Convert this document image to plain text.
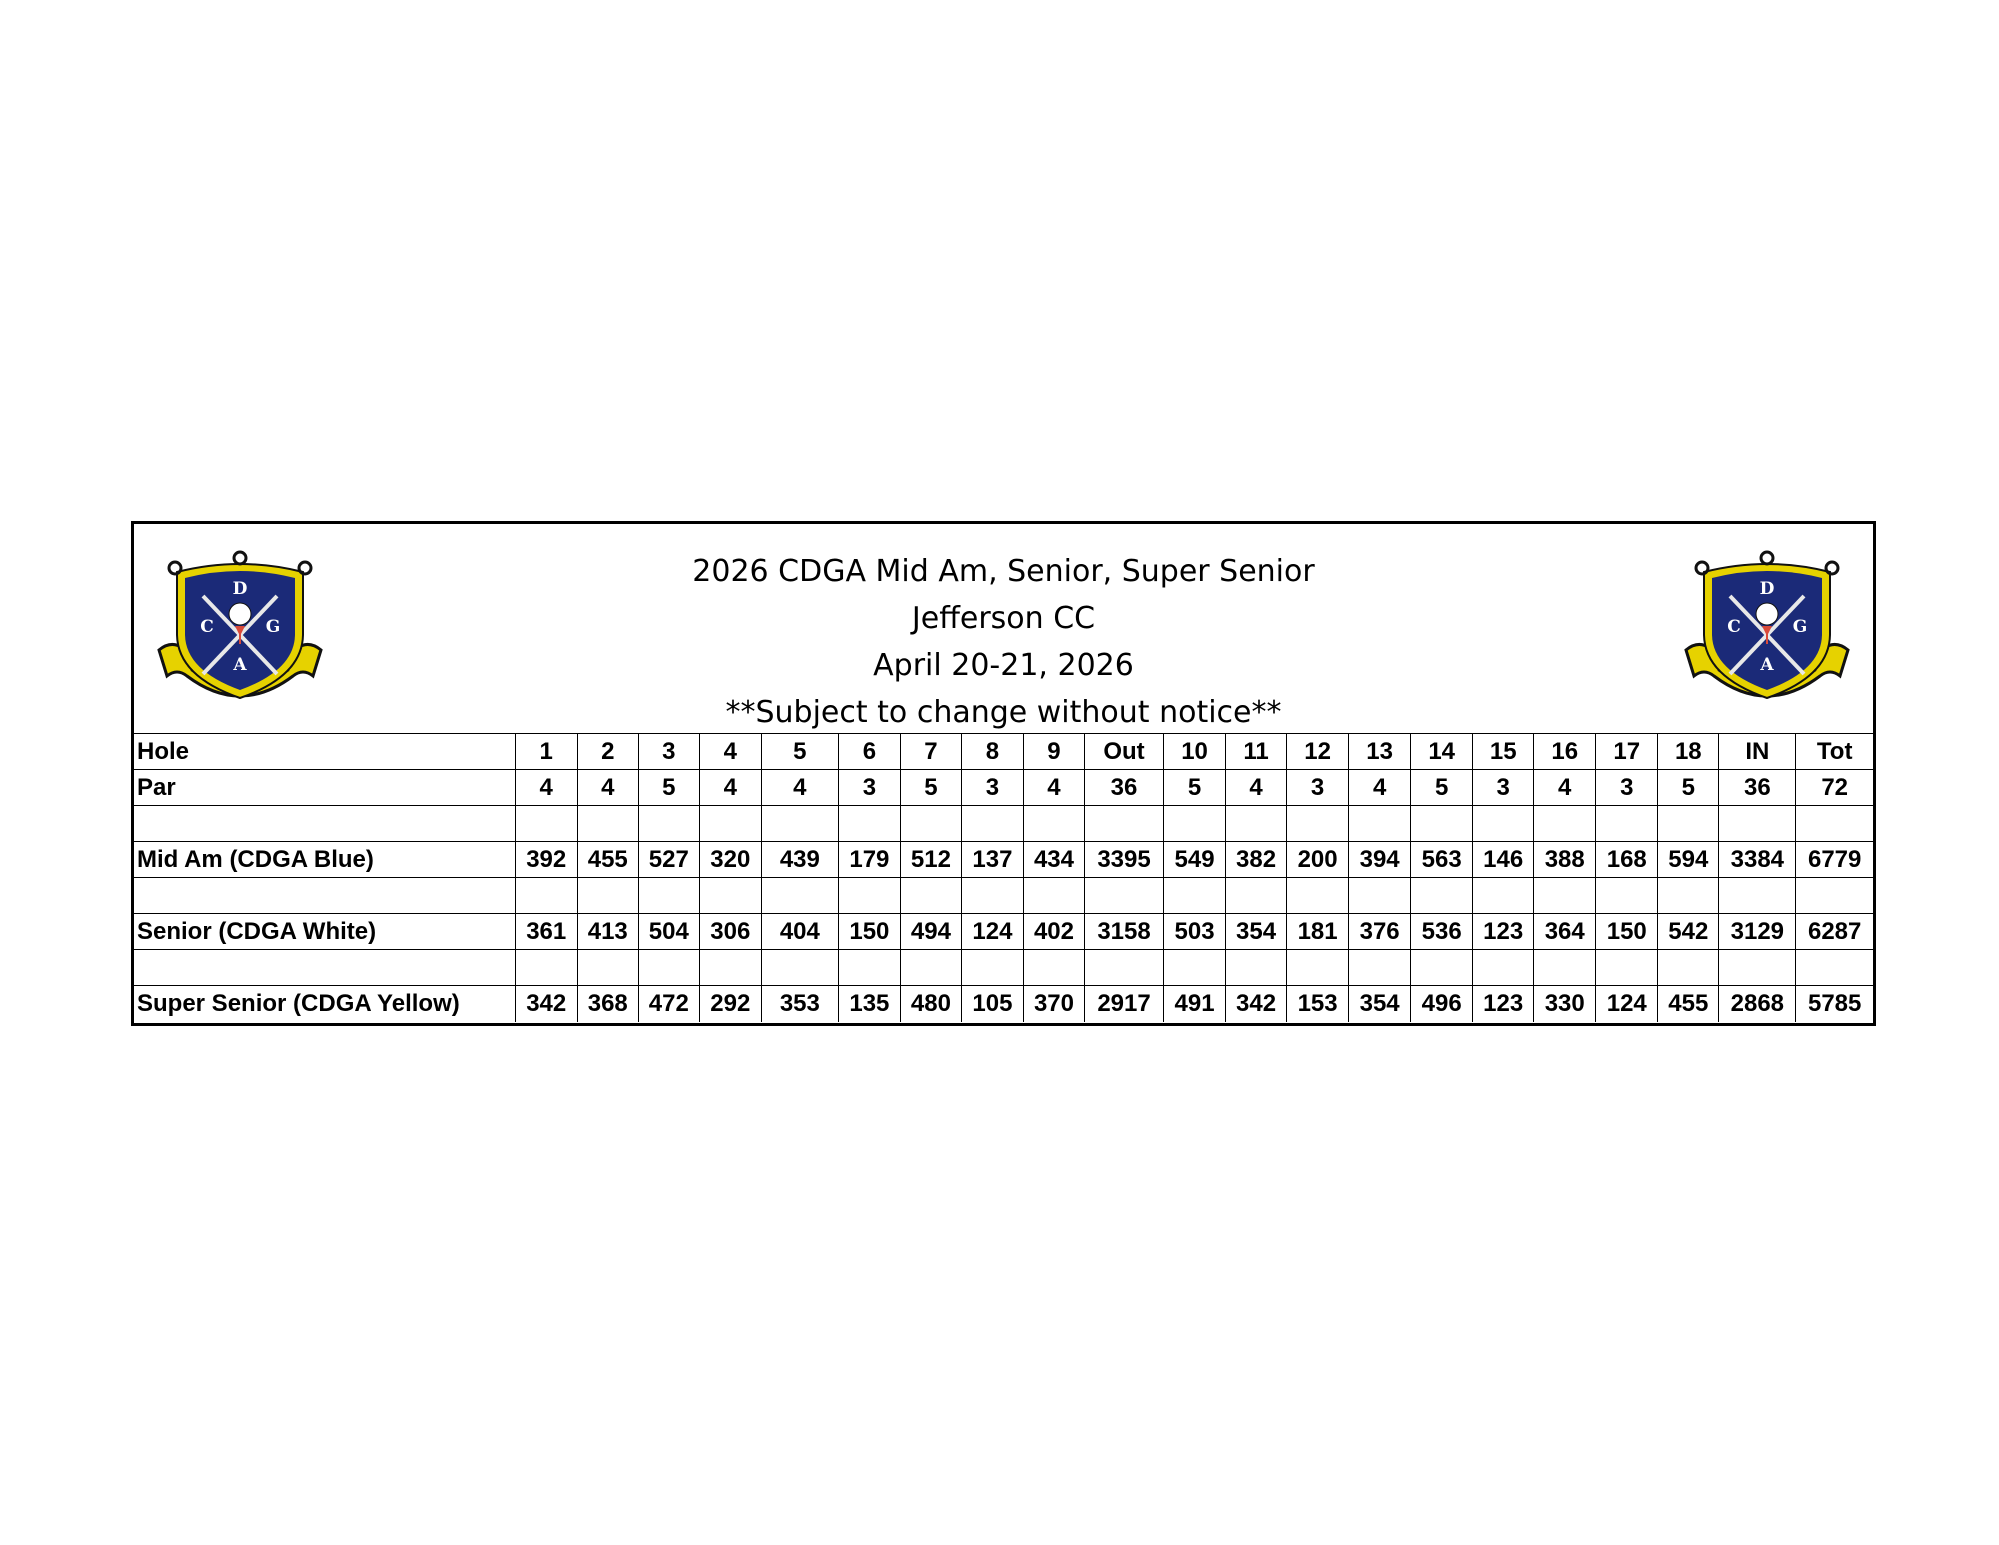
D
C	G
A
2026 CDGA Mid Am, Senior, Super Senior
Jefferson CC
April 20-21, 2026
**Subject to change without notice**
D
C	G
A
Hole	1	2	3	4	5	6	7	8	9	Out	10	11	12	13	14	15	16	17	18	IN	Tot
Par	4	4	5	4	4	3	5	3	4	36	5	4	3	4	5	3	4	3	5	36	72

Mid Am (CDGA Blue)	392	455	527	320	439	179	512	137	434	3395	549	382	200	394	563	146	388	168	594	3384	6779

Senior (CDGA White)	361	413	504	306	404	150	494	124	402	3158	503	354	181	376	536	123	364	150	542	3129	6287

Super Senior (CDGA Yellow)	342	368	472	292	353	135	480	105	370	2917	491	342	153	354	496	123	330	124	455	2868	5785
